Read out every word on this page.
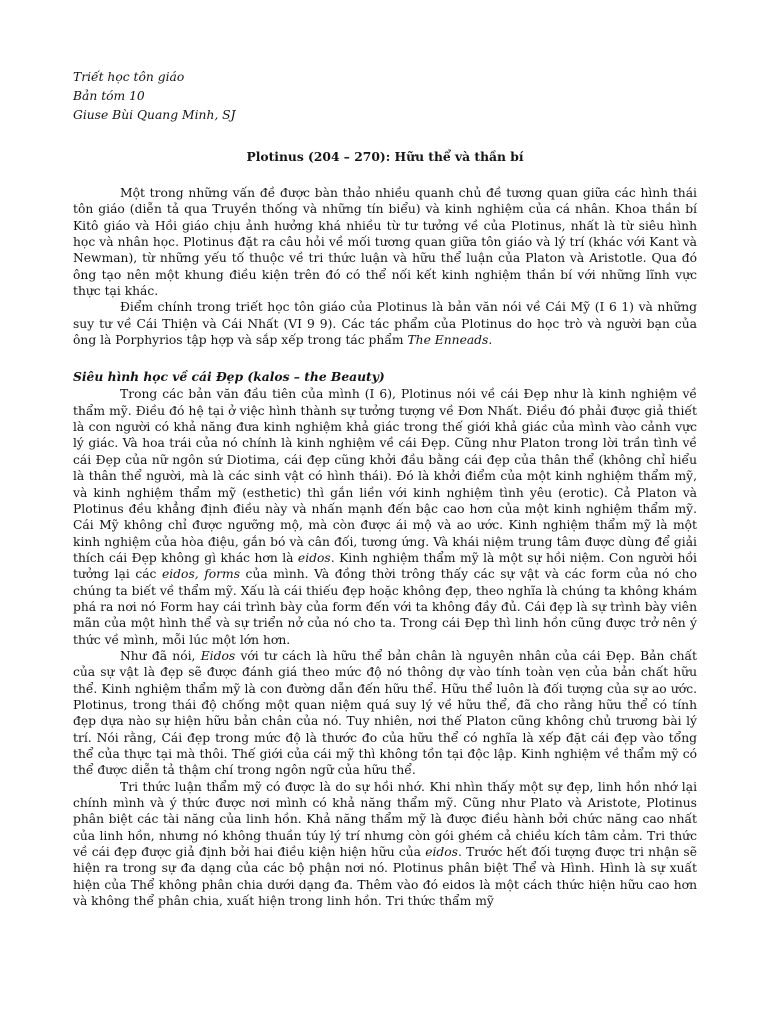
Triết học tôn giáo
Bản tóm 10
Giuse Bùi Quang Minh, SJ
Plotinus (204 – 270): Hữu thể và thần bí

Một trong những vấn đề được bàn thảo nhiều quanh chủ đề tương quan giữa các hình thái tôn giáo (diễn tả qua Truyền thống và những tín biểu) và kinh nghiệm của cá nhân. Khoa thần bí Kitô giáo và Hồi giáo chịu ảnh hưởng khá nhiều từ tư tưởng về của Plotinus, nhất là từ siêu hình học và nhân học. Plotinus đặt ra câu hỏi về mối tương quan giữa tôn giáo và lý trí (khác với Kant và Newman), từ những yếu tố thuộc về tri thức luận và hữu thể luận của Platon và Aristotle. Qua đó ông tạo nên một khung điều kiện trên đó có thể nối kết kinh nghiệm thần bí với những lĩnh vực thực tại khác.

Điểm chính trong triết học tôn giáo của Plotinus là bản văn nói về Cái Mỹ (I 6 1) và những suy tư về Cái Thiện và Cái Nhất (VI 9 9). Các tác phẩm của Plotinus do học trò và người bạn của ông là Porphyrios tập hợp và sắp xếp trong tác phẩm The Enneads.

Siêu hình học về cái Đẹp (kalos – the Beauty)

Trong các bản văn đầu tiên của mình (I 6), Plotinus nói về cái Đẹp như là kinh nghiệm về thẩm mỹ. Điều đó hệ tại ở việc hình thành sự tưởng tượng về Đơn Nhất. Điều đó phải được giả thiết là con người có khả năng đưa kinh nghiệm khả giác trong thế giới khả giác của mình vào cảnh vực lý giác. Và hoa trái của nó chính là kinh nghiệm về cái Đẹp. Cũng như Platon trong lời trần tình về cái Đẹp của nữ ngôn sứ Diotima, cái đẹp cũng khởi đầu bằng cái đẹp của thân thể (không chỉ hiểu là thân thể người, mà là các sinh vật có hình thái). Đó là khởi điểm của một kinh nghiệm thẩm mỹ, và kinh nghiệm thẩm mỹ (esthetic) thì gắn liền với kinh nghiệm tình yêu (erotic). Cả Platon và Plotinus đều khẳng định điều này và nhấn mạnh đến bậc cao hơn của một kinh nghiệm thẩm mỹ. Cái Mỹ không chỉ được ngưỡng mộ, mà còn được ái mộ và ao ước. Kinh nghiệm thẩm mỹ là một kinh nghiệm của hòa điệu, gắn bó và cân đối, tương ứng. Và khái niệm trung tâm được dùng để giải thích cái Đẹp không gì khác hơn là eidos. Kinh nghiệm thẩm mỹ là một sự hồi niệm. Con người hồi tưởng lại các eidos, forms của mình. Và đồng thời trông thấy các sự vật và các form của nó cho chúng ta biết về thẩm mỹ. Xấu là cái thiếu đẹp hoặc không đẹp, theo nghĩa là chúng ta không khám phá ra nơi nó Form hay cái trình bày của form đến với ta không đầy đủ. Cái đẹp là sự trình bày viên mãn của một hình thể và sự triển nở của nó cho ta. Trong cái Đẹp thì linh hồn cũng được trở nên ý thức về mình, mỗi lúc một lớn hơn.

Như đã nói, Eidos với tư cách là hữu thể bản chân là nguyên nhân của cái Đẹp. Bản chất của sự vật là đẹp sẽ được đánh giá theo mức độ nó thông dự vào tính toàn vẹn của bản chất hữu thể. Kinh nghiệm thẩm mỹ là con đường dẫn đến hữu thể. Hữu thể luôn là đối tượng của sự ao ước. Plotinus, trong thái độ chống một quan niệm quá suy lý về hữu thể, đã cho rằng hữu thể có tính đẹp dựa nào sự hiện hữu bản chân của nó. Tuy nhiên, nơi thế Platon cũng không chủ trương bài lý trí. Nói rằng, Cái đẹp trong mức độ là thước đo của hữu thể có nghĩa là xếp đặt cái đẹp vào tổng thể của thực tại mà thôi. Thế giới của cái mỹ thì không tồn tại độc lập. Kinh nghiệm về thẩm mỹ có thể được diễn tả thậm chí trong ngôn ngữ của hữu thể.

Tri thức luận thẩm mỹ có được là do sự hồi nhớ. Khi nhìn thấy một sự đẹp, linh hồn nhớ lại chính mình và ý thức được nơi mình có khả năng thẩm mỹ. Cũng như Plato và Aristote, Plotinus phân biệt các tài năng của linh hồn. Khả năng thẩm mỹ là được điều hành bởi chức năng cao nhất của linh hồn, nhưng nó không thuần túy lý trí nhưng còn gói ghém cả chiều kích tâm cảm. Tri thức về cái đẹp được giả định bởi hai điều kiện hiện hữu của eidos. Trước hết đối tượng được tri nhận sẽ hiện ra trong sự đa dạng của các bộ phận nơi nó. Plotinus phân biệt Thể và Hình. Hình là sự xuất hiện của Thể không phân chia dưới dạng đa. Thêm vào đó eidos là một cách thức hiện hữu cao hơn và không thể phân chia, xuất hiện trong linh hồn. Tri thức thẩm mỹ
